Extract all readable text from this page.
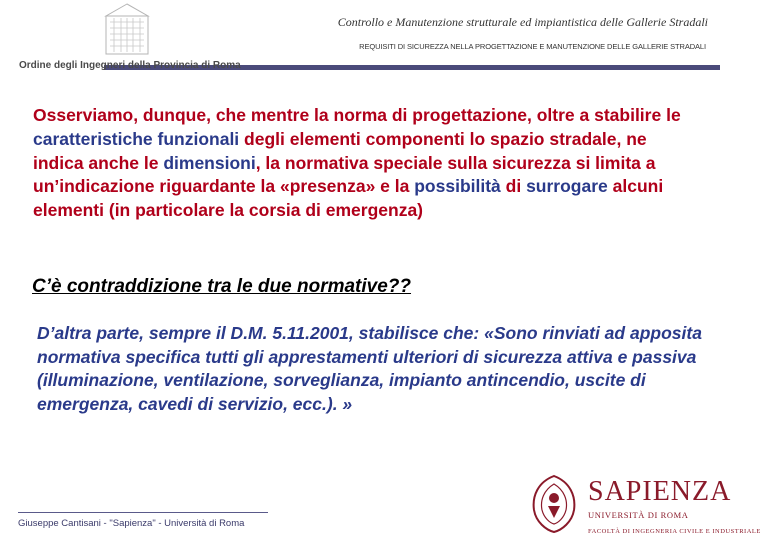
Controllo e Manutenzione strutturale ed impiantistica delle Gallerie Stradali
REQUISITI DI SICUREZZA NELLA PROGETTAZIONE E MANUTENZIONE DELLE GALLERIE STRADALI
Ordine degli Ingegneri della Provincia di Roma

Osserviamo, dunque, che mentre la norma di progettazione, oltre a stabilire le caratteristiche funzionali degli elementi componenti lo spazio stradale, ne indica anche le dimensioni, la normativa speciale sulla sicurezza si limita a un’indicazione riguardante la «presenza» e la possibilità di surrogare alcuni elementi (in particolare la corsia di emergenza)

C’è contraddizione tra le due normative??

D’altra parte, sempre il D.M. 5.11.2001, stabilisce che: «Sono rinviati ad apposita normativa specifica tutti gli apprestamenti ulteriori di sicurezza attiva e passiva (illuminazione, ventilazione, sorveglianza, impianto antincendio, uscite di emergenza, cavedi di servizio, ecc.). »

Giuseppe Cantisani - "Sapienza" - Università di Roma
SAPIENZA
UNIVERSITÀ DI ROMA
FACOLTÀ DI INGEGNERIA CIVILE E INDUSTRIALE
